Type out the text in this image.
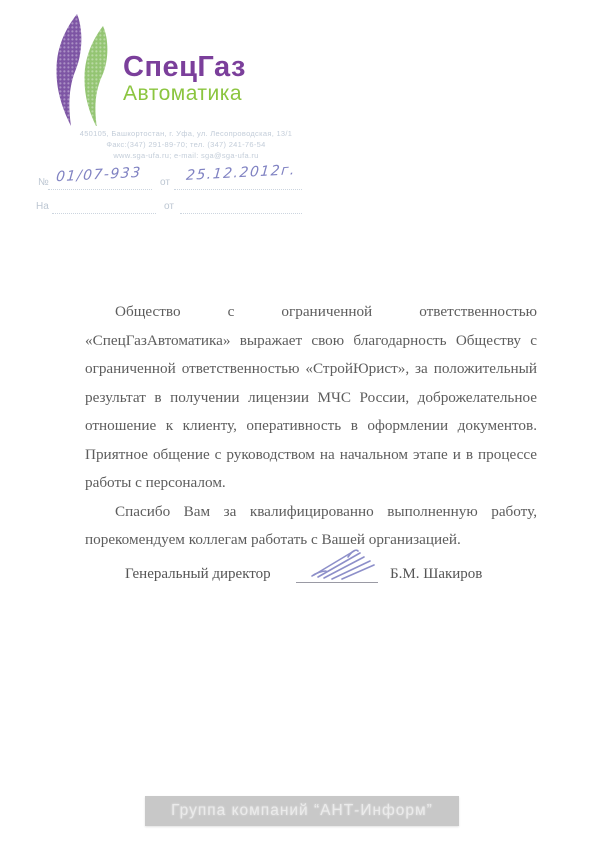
СпецГаз
Автоматика
450105, Башкортостан, г. Уфа, ул. Лесопроводская, 13/1
Факс:(347) 291-89-70; тел. (347) 241-76-54
www.sga-ufa.ru; e-mail: sga@sga-ufa.ru
№ 01/07-933 от 25.12.2012г.
На	от

Общество с ограниченной ответственностью «СпецГазАвтоматика» выражает свою благодарность Обществу с ограниченной ответственностью «СтройЮрист», за положительный результат в получении лицензии МЧС России, доброжелательное отношение к клиенту, оперативность в оформлении документов. Приятное общение с руководством на начальном этапе и в процессе работы с персоналом.

Спасибо Вам за квалифицированно выполненную работу, порекомендуем коллегам работать с Вашей организацией.

Генеральный директор	Б.М. Шакиров
Группа компаний “АНТ-Информ”
